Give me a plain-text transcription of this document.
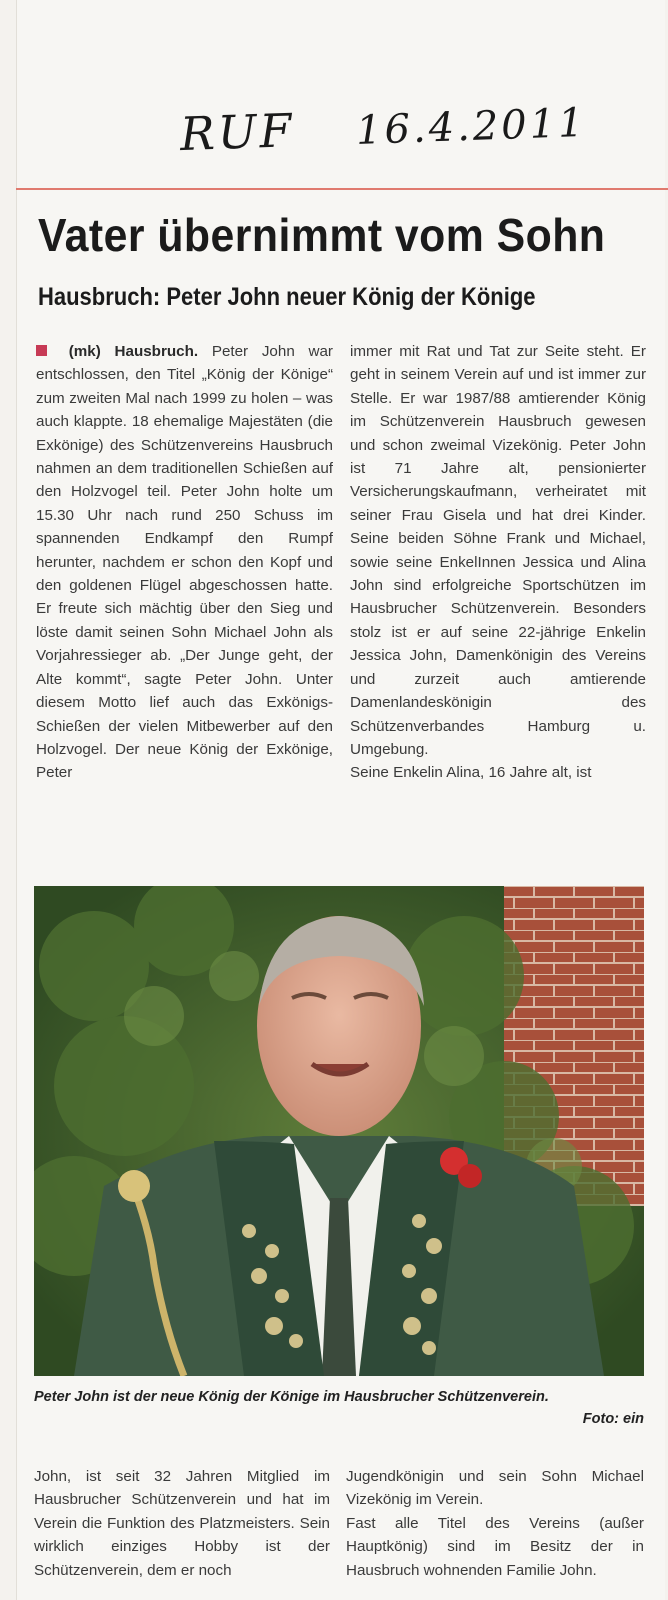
RUF 16.4.2011
Vater übernimmt vom Sohn
Hausbruch: Peter John neuer König der Könige

(mk) Hausbruch. Peter John war entschlossen, den Titel „König der Könige“ zum zweiten Mal nach 1999 zu holen – was auch klappte. 18 ehemalige Majestäten (die Exkönige) des Schützenvereins Hausbruch nahmen an dem traditionellen Schießen auf den Holzvogel teil. Peter John holte um 15.30 Uhr nach rund 250 Schuss im spannenden Endkampf den Rumpf herunter, nachdem er schon den Kopf und den goldenen Flügel abgeschossen hatte. Er freute sich mächtig über den Sieg und löste damit seinen Sohn Michael John als Vorjahressieger ab. „Der Junge geht, der Alte kommt“, sagte Peter John. Unter diesem Motto lief auch das Exkönigs-Schießen der vielen Mitbewerber auf den Holzvogel. Der neue König der Exkönige, Peter

immer mit Rat und Tat zur Seite steht. Er geht in seinem Verein auf und ist immer zur Stelle. Er war 1987/88 amtierender König im Schützenverein Hausbruch gewesen und schon zweimal Vizekönig. Peter John ist 71 Jahre alt, pensionierter Versicherungskaufmann, verheiratet mit seiner Frau Gisela und hat drei Kinder. Seine beiden Söhne Frank und Michael, sowie seine EnkelInnen Jessica und Alina John sind erfolgreiche Sportschützen im Hausbrucher Schützenverein. Besonders stolz ist er auf seine 22-jährige Enkelin Jessica John, Damenkönigin des Vereins und zurzeit auch amtierende Damenlandeskönigin des Schützenverbandes Hamburg u. Umgebung.

Seine Enkelin Alina, 16 Jahre alt, ist

Peter John ist der neue König der Könige im Hausbrucher Schützenverein.
Foto: ein

John, ist seit 32 Jahren Mitglied im Hausbrucher Schützenverein und hat im Verein die Funktion des Platzmeisters. Sein wirklich einziges Hobby ist der Schützenverein, dem er noch

Jugendkönigin und sein Sohn Michael Vizekönig im Verein.

Fast alle Titel des Vereins (außer Hauptkönig) sind im Besitz der in Hausbruch wohnenden Familie John.
